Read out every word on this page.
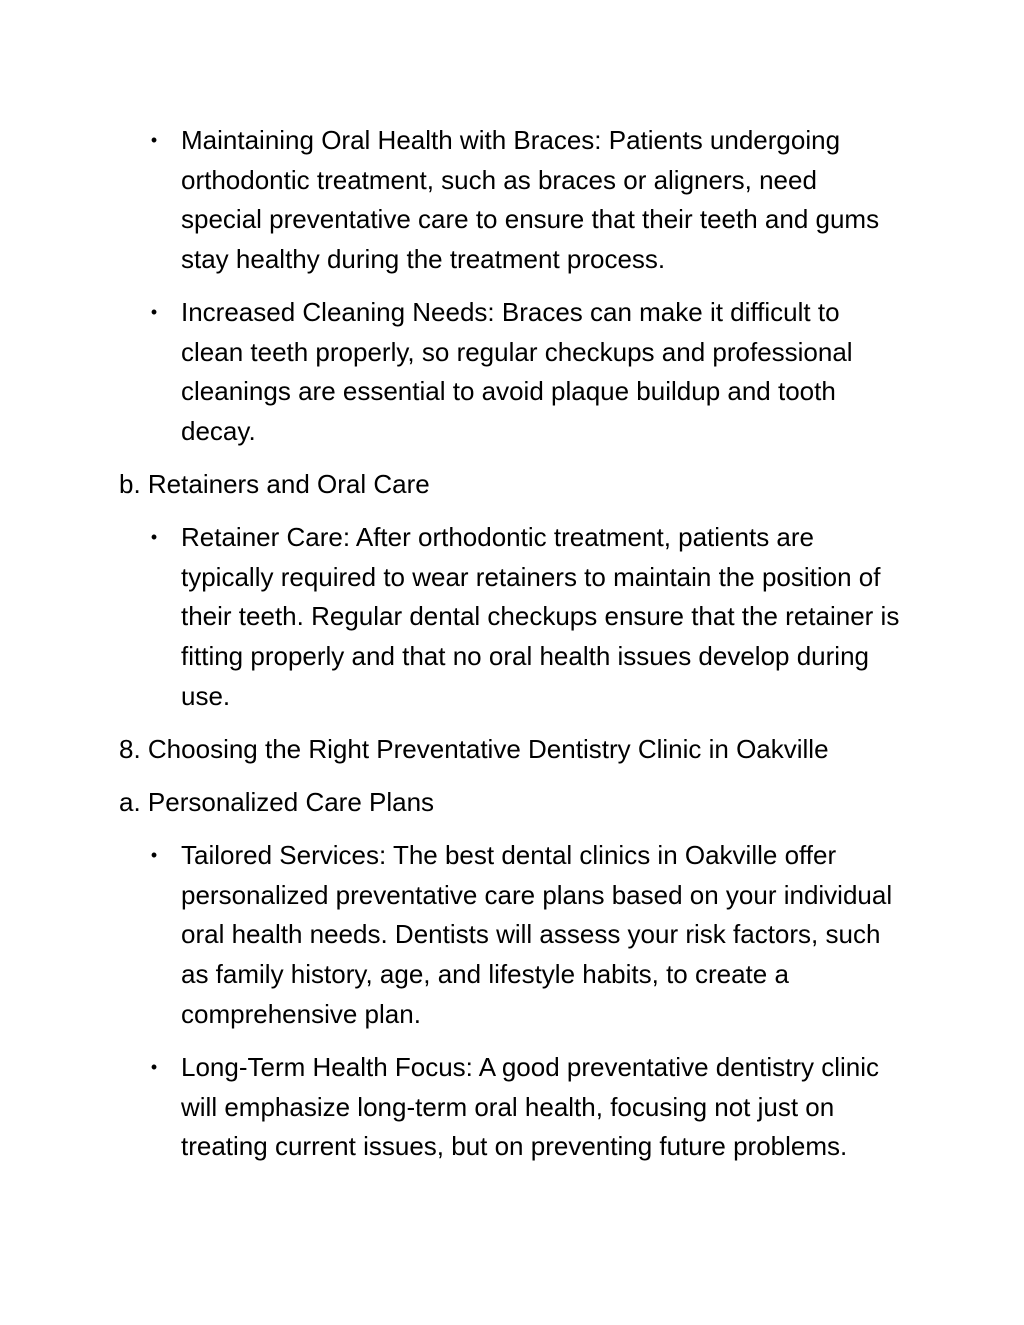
• Maintaining Oral Health with Braces: Patients undergoing orthodontic treatment, such as braces or aligners, need special preventative care to ensure that their teeth and gums stay healthy during the treatment process.

• Increased Cleaning Needs: Braces can make it difficult to clean teeth properly, so regular checkups and professional cleanings are essential to avoid plaque buildup and tooth decay.

b. Retainers and Oral Care

• Retainer Care: After orthodontic treatment, patients are typically required to wear retainers to maintain the position of their teeth. Regular dental checkups ensure that the retainer is fitting properly and that no oral health issues develop during use.

8. Choosing the Right Preventative Dentistry Clinic in Oakville

a. Personalized Care Plans

• Tailored Services: The best dental clinics in Oakville offer personalized preventative care plans based on your individual oral health needs. Dentists will assess your risk factors, such as family history, age, and lifestyle habits, to create a comprehensive plan.

• Long-Term Health Focus: A good preventative dentistry clinic will emphasize long-term oral health, focusing not just on treating current issues, but on preventing future problems.
